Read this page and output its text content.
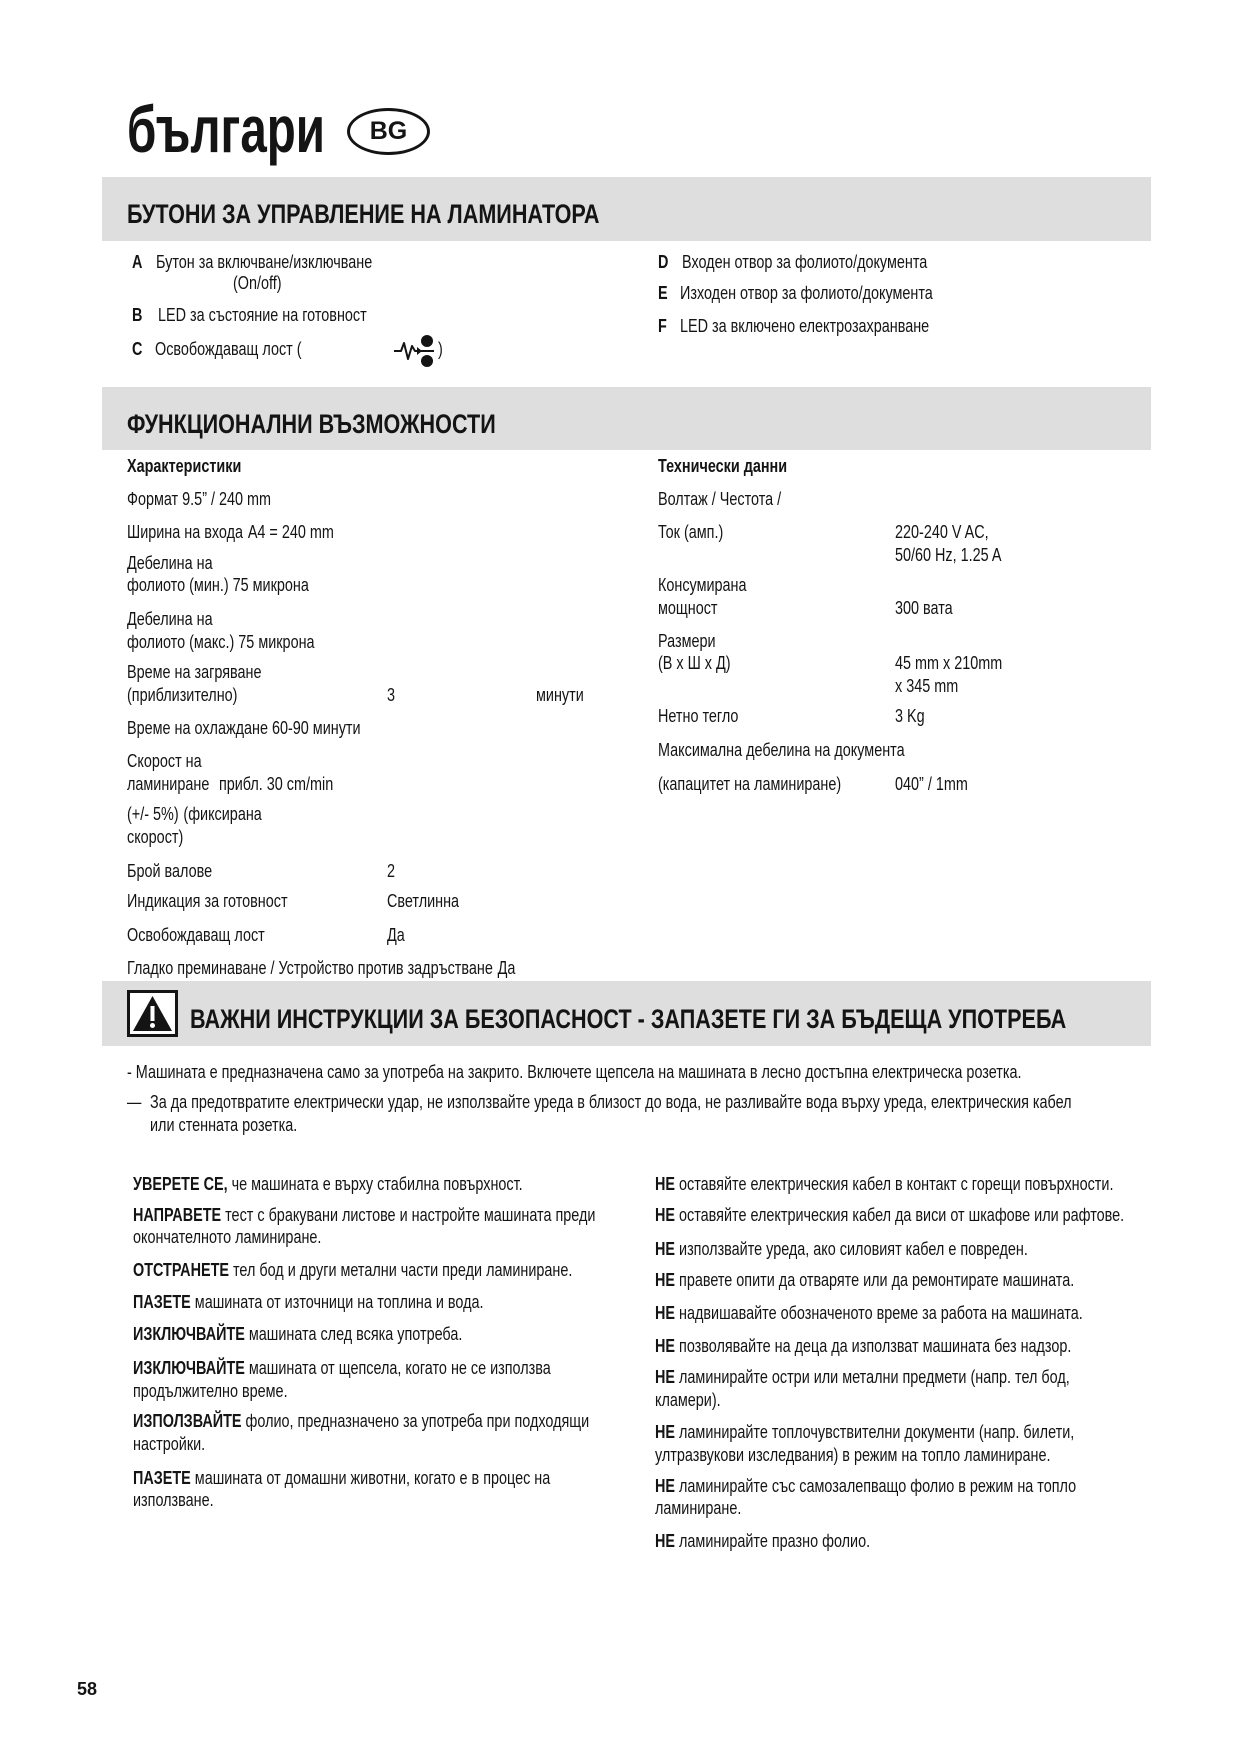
българи	BG
БУТОНИ ЗА УПРАВЛЕНИЕ НА ЛАМИНАТОРА
A Бутон за включване/изключване
(On/off)
B LED за състояние на готовност
C Освобождаващ лост (	)
D Входен отвор за фолиото/документа
E Изходен отвор за фолиото/документа
F LED за включено електрозахранване
ФУНКЦИОНАЛНИ ВЪЗМОЖНОСТИ
Характеристики
Формат 9.5” / 240 mm
Ширина на входа A4 = 240 mm
Дебелина на
фолиото (мин.) 75 микрона
Дебелина на
фолиото (макс.) 75 микрона
Време на загряване
(приблизително)	3	минути
Време на охлаждане 60-90 минути
Скорост на
ламиниране прибл. 30 cm/min
(+/- 5%) (фиксирана
скорост)
Брой валове	2
Индикация за готовност	Светлинна
Освобождаващ лост	Да
Гладко преминаване / Устройство против задръстване Да
Технически данни
Волтаж / Честота /
Ток (амп.)	220-240 V AC,
50/60 Hz, 1.25 A
Консумирана
мощност	300 вата
Размери
(В x Ш x Д)	45 mm x 210mm
x 345 mm
Нетно тегло	3 Kg
Максимална дебелина на документа
(капацитет на ламиниране)	040” / 1mm
ВАЖНИ ИНСТРУКЦИИ ЗА БЕЗОПАСНОСТ - ЗАПАЗЕТЕ ГИ ЗА БЪДЕЩА УПОТРЕБА
- Машината е предназначена само за употреба на закрито. Включете щепсела на машината в лесно достъпна електрическа розетка.
— За да предотвратите електрически удар, не използвайте уреда в близост до вода, не разливайте вода върху уреда, електрическия кабел
или стенната розетка.
УВЕРЕТЕ СЕ, че машината е върху стабилна повърхност.
НАПРАВЕТЕ тест с бракувани листове и настройте машината преди
окончателното ламиниране.
ОТСТРАНЕТЕ тел бод и други метални части преди ламиниране.
ПАЗЕТЕ машината от източници на топлина и вода.
ИЗКЛЮЧВАЙТЕ машината след всяка употреба.
ИЗКЛЮЧВАЙТЕ машината от щепсела, когато не се използва
продължително време.
ИЗПОЛЗВАЙТЕ фолио, предназначено за употреба при подходящи
настройки.
ПАЗЕТЕ машината от домашни животни, когато е в процес на
използване.
НЕ оставяйте електрическия кабел в контакт с горещи повърхности.
НЕ оставяйте електрическия кабел да виси от шкафове или рафтове.
НЕ използвайте уреда, ако силовият кабел е повреден.
НЕ правете опити да отваряте или да ремонтирате машината.
НЕ надвишавайте обозначеното време за работа на машината.
НЕ позволявайте на деца да използват машината без надзор.
НЕ ламинирайте остри или метални предмети (напр. тел бод,
кламери).
НЕ ламинирайте топлочувствителни документи (напр. билети,
ултразвукови изследвания) в режим на топло ламиниране.
НЕ ламинирайте със самозалепващо фолио в режим на топло
ламиниране.
НЕ ламинирайте празно фолио.
58
